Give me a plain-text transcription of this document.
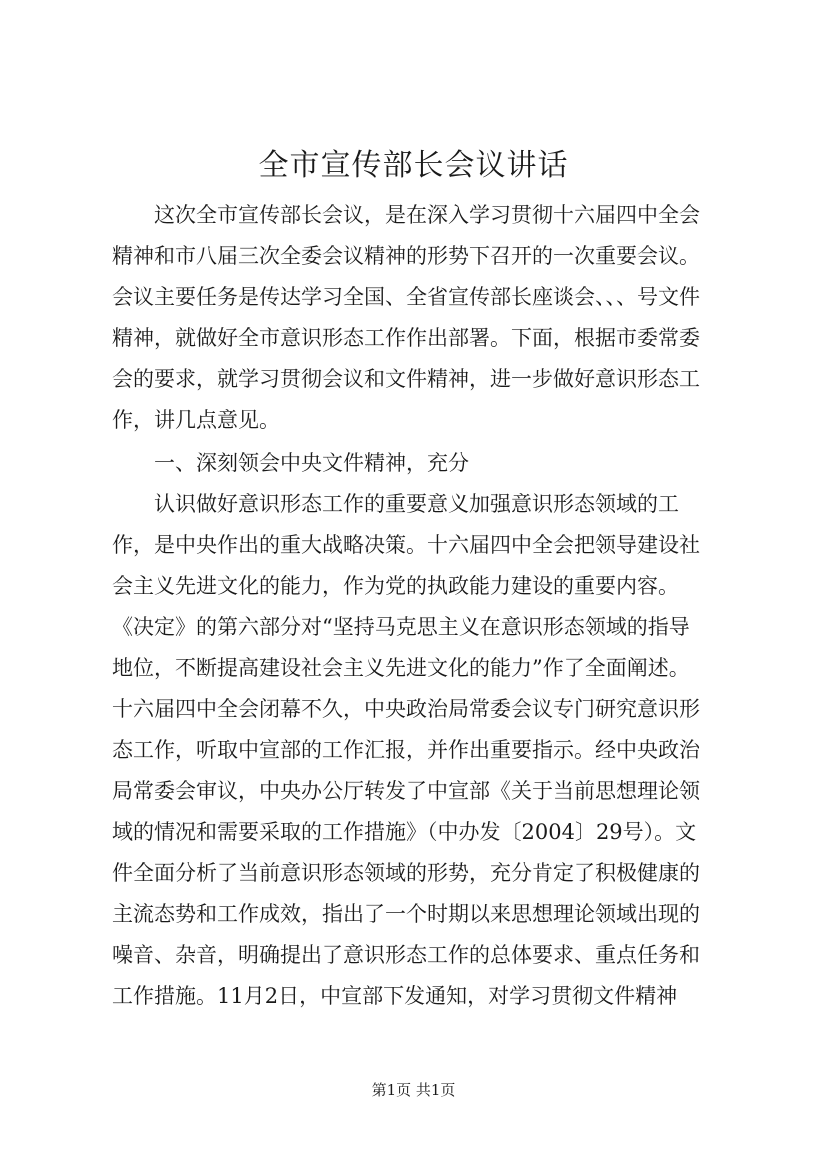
全市宣传部长会议讲话

这次全市宣传部长会议，是在深入学习贯彻十六届四中全会

精神和市八届三次全委会议精神的形势下召开的一次重要会议。

会议主要任务是传达学习全国、全省宣传部长座谈会、、、号文件

精神，就做好全市意识形态工作作出部署。下面，根据市委常委

会的要求，就学习贯彻会议和文件精神，进一步做好意识形态工

作，讲几点意见。

一、深刻领会中央文件精神，充分

认识做好意识形态工作的重要意义加强意识形态领域的工

作，是中央作出的重大战略决策。十六届四中全会把领导建设社

会主义先进文化的能力，作为党的执政能力建设的重要内容。

《决定》的第六部分对“坚持马克思主义在意识形态领域的指导

地位，不断提高建设社会主义先进文化的能力”作了全面阐述。

十六届四中全会闭幕不久，中央政治局常委会议专门研究意识形

态工作，听取中宣部的工作汇报，并作出重要指示。经中央政治

局常委会审议，中央办公厅转发了中宣部《关于当前思想理论领

域的情况和需要采取的工作措施》（中办发〔2004〕29号）。文

件全面分析了当前意识形态领域的形势，充分肯定了积极健康的

主流态势和工作成效，指出了一个时期以来思想理论领域出现的

噪音、杂音，明确提出了意识形态工作的总体要求、重点任务和

工作措施。11月2日，中宣部下发通知，对学习贯彻文件精神

第1页 共1页
